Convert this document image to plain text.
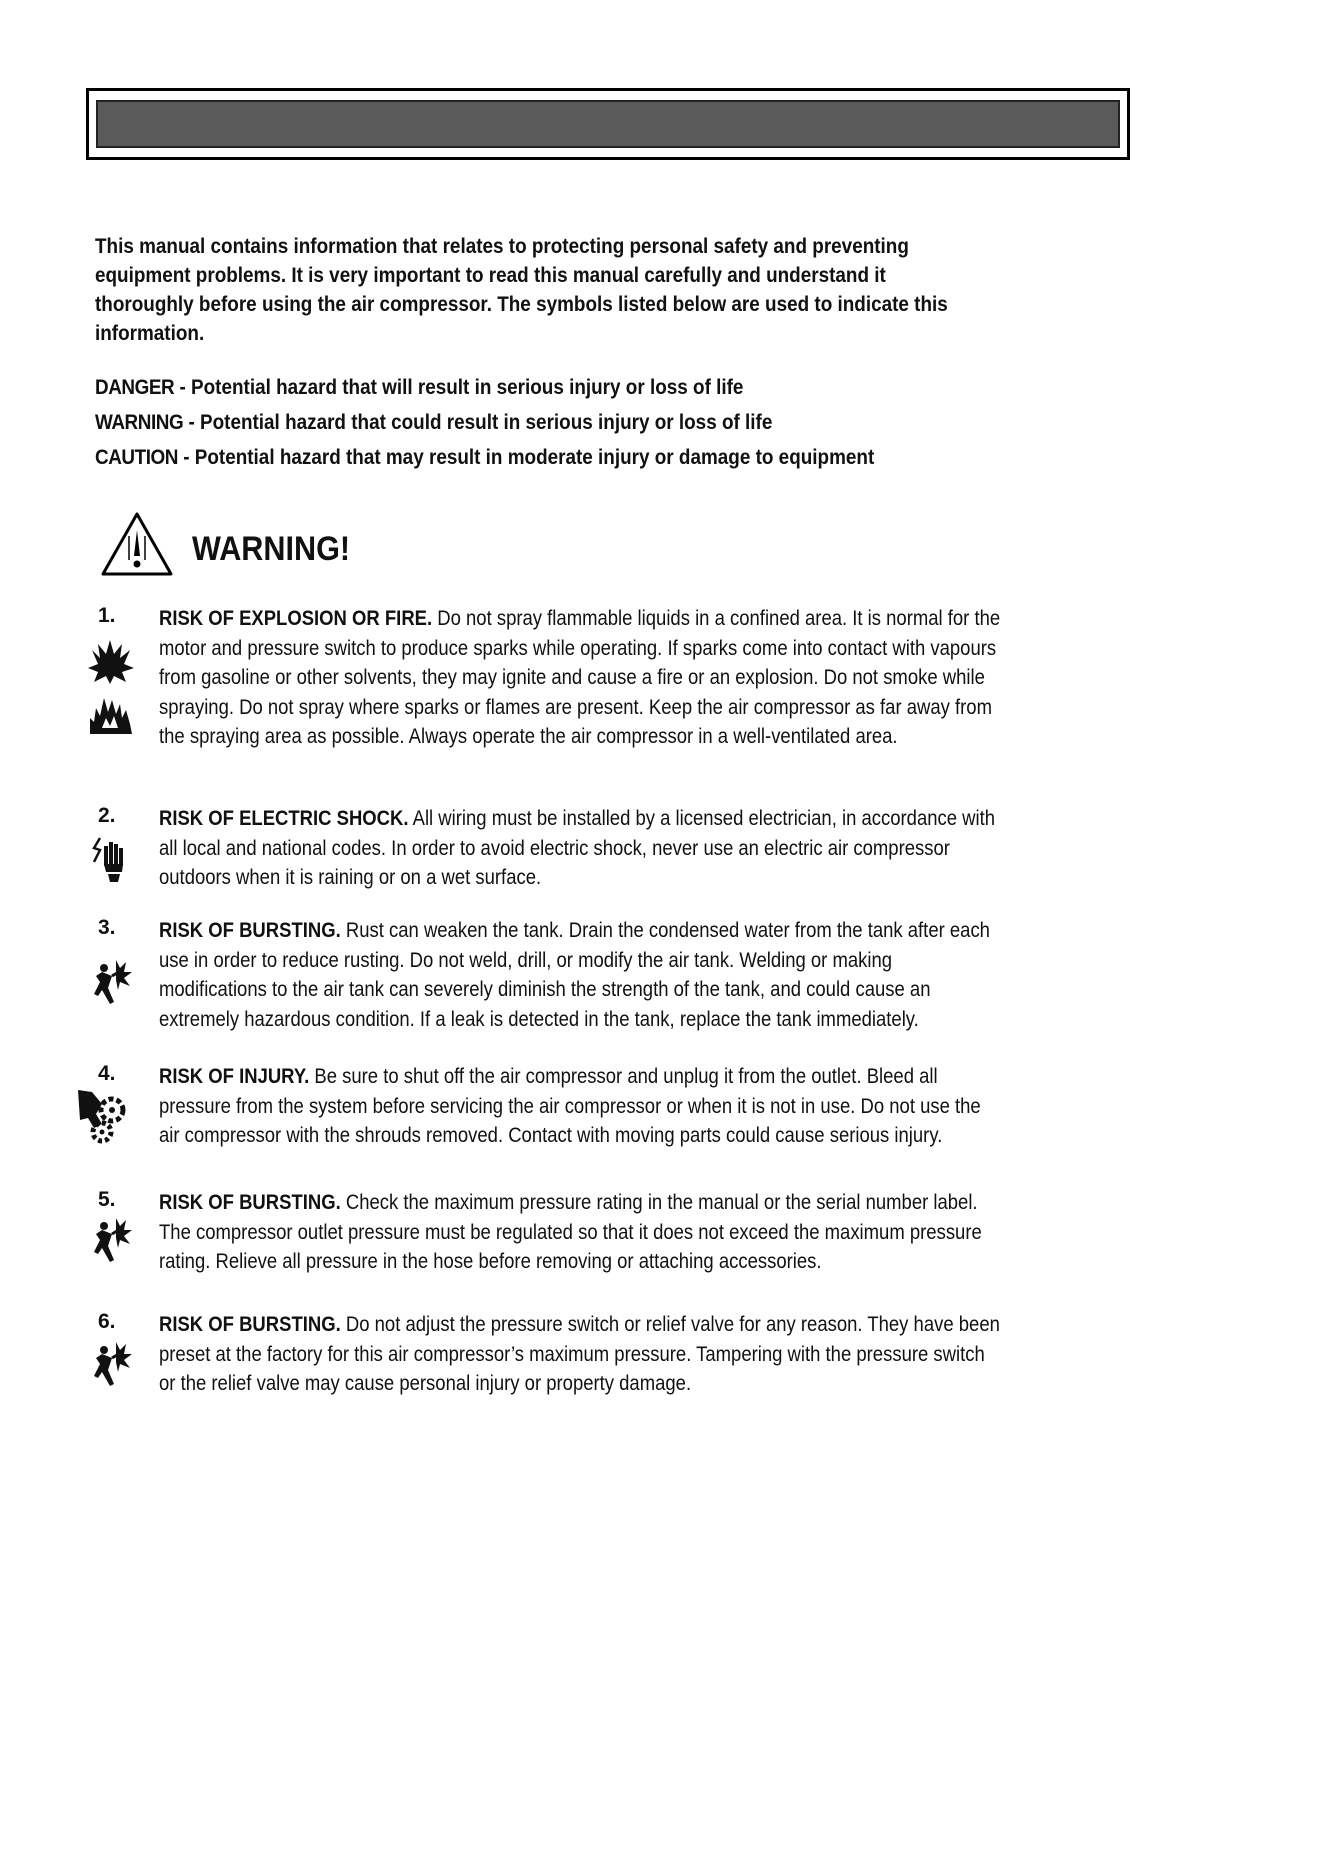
This manual contains information that relates to protecting personal safety and preventing equipment problems. It is very important to read this manual carefully and understand it thoroughly before using the air compressor. The symbols listed below are used to indicate this information.
DANGER - Potential hazard that will result in serious injury or loss of life
WARNING - Potential hazard that could result in serious injury or loss of life
CAUTION - Potential hazard that may result in moderate injury or damage to equipment
WARNING!
1. RISK OF EXPLOSION OR FIRE. Do not spray flammable liquids in a confined area. It is normal for the motor and pressure switch to produce sparks while operating. If sparks come into contact with vapours from gasoline or other solvents, they may ignite and cause a fire or an explosion. Do not smoke while spraying. Do not spray where sparks or flames are present. Keep the air compressor as far away from the spraying area as possible. Always operate the air compressor in a well-ventilated area.
2. RISK OF ELECTRIC SHOCK. All wiring must be installed by a licensed electrician, in accordance with all local and national codes. In order to avoid electric shock, never use an electric air compressor outdoors when it is raining or on a wet surface.
3. RISK OF BURSTING. Rust can weaken the tank. Drain the condensed water from the tank after each use in order to reduce rusting. Do not weld, drill, or modify the air tank. Welding or making modifications to the air tank can severely diminish the strength of the tank, and could cause an extremely hazardous condition. If a leak is detected in the tank, replace the tank immediately.
4. RISK OF INJURY. Be sure to shut off the air compressor and unplug it from the outlet. Bleed all pressure from the system before servicing the air compressor or when it is not in use. Do not use the air compressor with the shrouds removed. Contact with moving parts could cause serious injury.
5. RISK OF BURSTING. Check the maximum pressure rating in the manual or the serial number label. The compressor outlet pressure must be regulated so that it does not exceed the maximum pressure rating. Relieve all pressure in the hose before removing or attaching accessories.
6. RISK OF BURSTING. Do not adjust the pressure switch or relief valve for any reason. They have been preset at the factory for this air compressor’s maximum pressure. Tampering with the pressure switch or the relief valve may cause personal injury or property damage.
